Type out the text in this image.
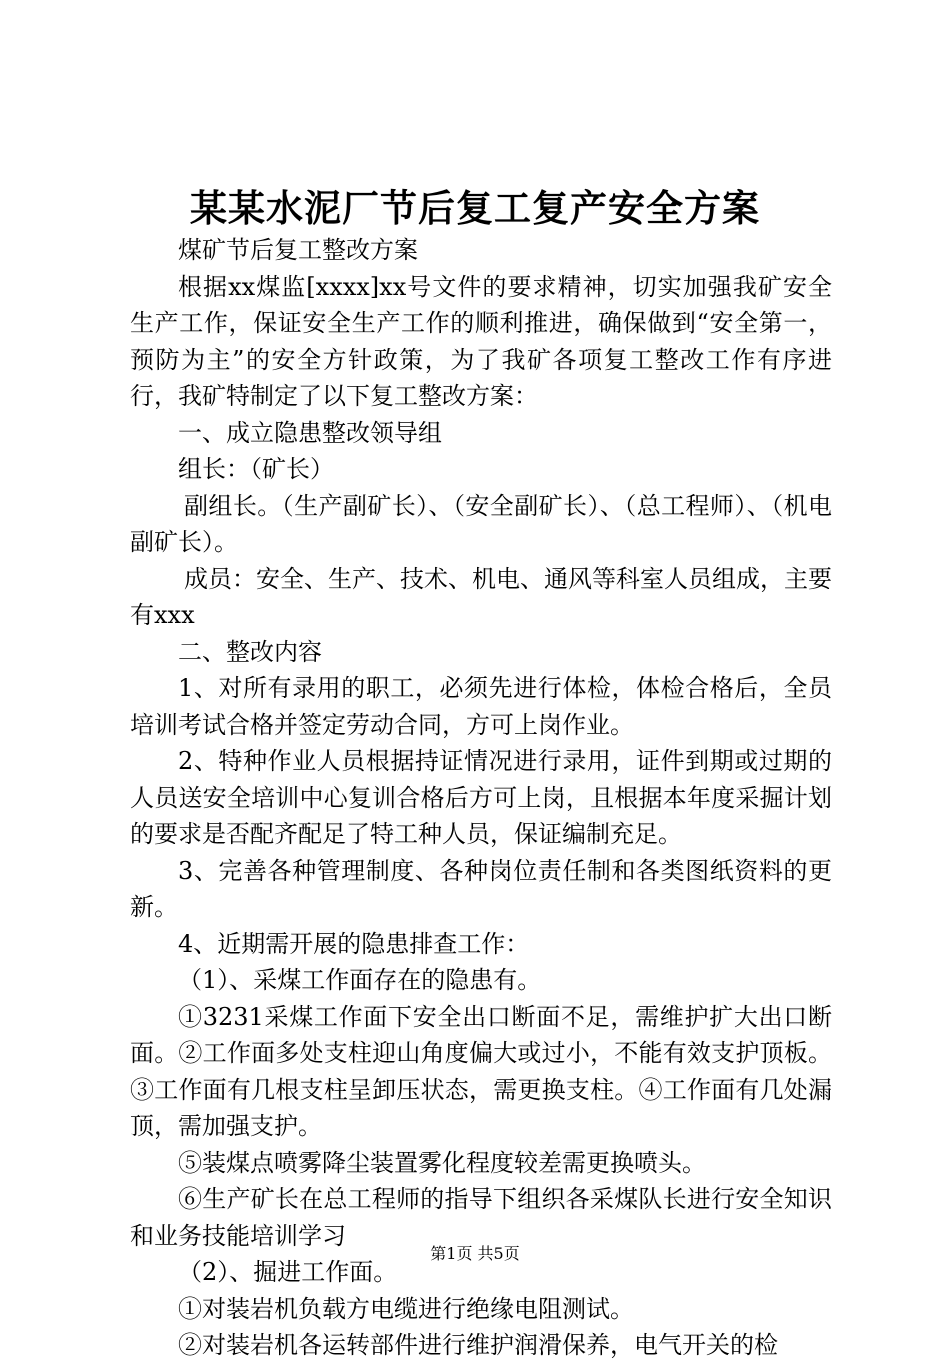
某某水泥厂节后复工复产安全方案

煤矿节后复工整改方案

根据xx煤监[xxxx]xx号文件的要求精神，切实加强我矿安全生产工作，保证安全生产工作的顺利推进，确保做到“安全第一，预防为主”的安全方针政策，为了我矿各项复工整改工作有序进行，我矿特制定了以下复工整改方案：

一、成立隐患整改领导组

组长：（矿长）

副组长。（生产副矿长）、（安全副矿长）、（总工程师）、（机电副矿长）。

成员：安全、生产、技术、机电、通风等科室人员组成，主要有xxx

二、整改内容

1、对所有录用的职工，必须先进行体检，体检合格后，全员培训考试合格并签定劳动合同，方可上岗作业。

2、特种作业人员根据持证情况进行录用，证件到期或过期的人员送安全培训中心复训合格后方可上岗，且根据本年度采掘计划的要求是否配齐配足了特工种人员，保证编制充足。

3、完善各种管理制度、各种岗位责任制和各类图纸资料的更新。

4、近期需开展的隐患排查工作：

（1）、采煤工作面存在的隐患有。

①3231采煤工作面下安全出口断面不足，需维护扩大出口断面。②工作面多处支柱迎山角度偏大或过小，不能有效支护顶板。③工作面有几根支柱呈卸压状态，需更换支柱。④工作面有几处漏顶，需加强支护。

⑤装煤点喷雾降尘装置雾化程度较差需更换喷头。

⑥生产矿长在总工程师的指导下组织各采煤队长进行安全知识和业务技能培训学习

（2）、掘进工作面。

①对装岩机负载方电缆进行绝缘电阻测试。

②对装岩机各运转部件进行维护润滑保养，电气开关的检

第1页 共5页
